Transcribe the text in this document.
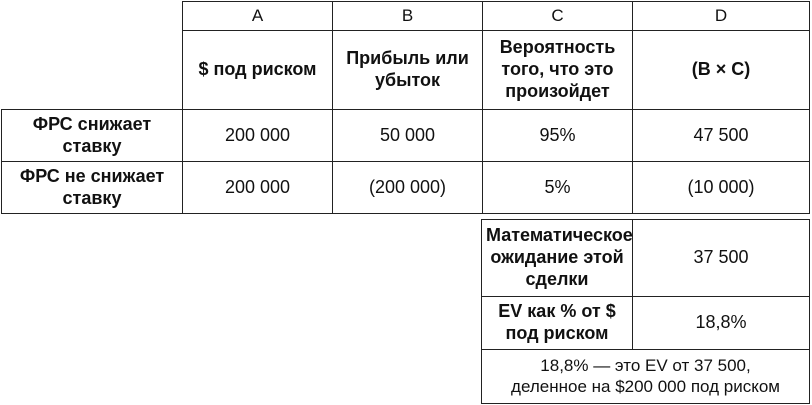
	A	B	C	D
	$ под риском	Прибыль или убыток	Вероятность того, что это произойдет	(B × C)
ФРС снижает ставку	200 000	50 000	95%	47 500
ФРС не снижает ставку	200 000	(200 000)	5%	(10 000)
Математическое ожидание этой сделки	37 500
EV как % от $ под риском	18,8%
18,8% — это EV от 37 500,
деленное на $200 000 под риском	
